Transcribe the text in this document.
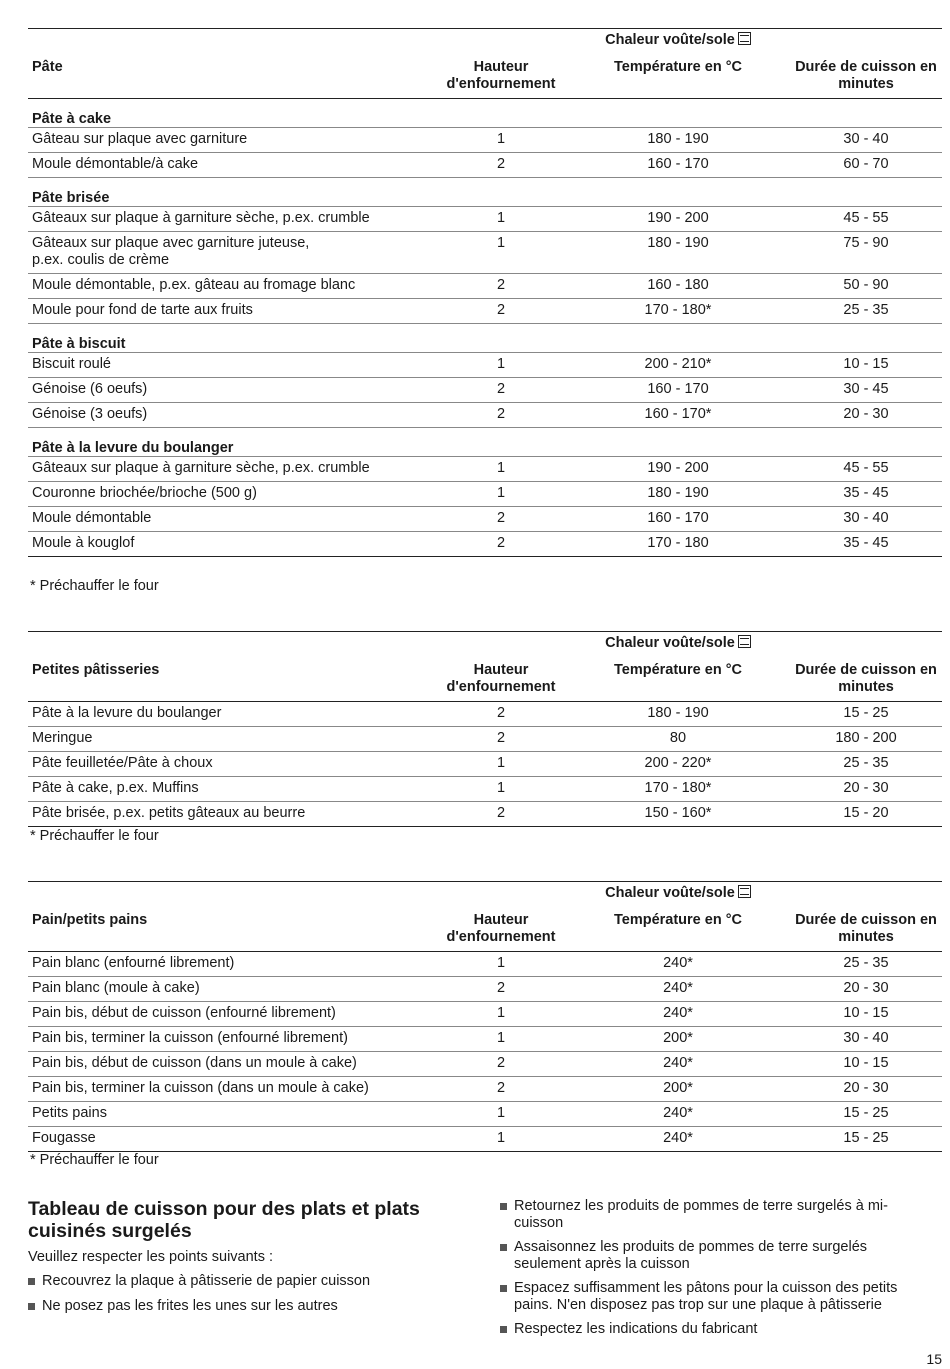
		Chaleur voûte/sole	
Pâte	Hauteur d'enfournement	Température en °C	Durée de cuisson en minutes
Pâte à cake			
Gâteau sur plaque avec garniture	1	180 - 190	30 - 40
Moule démontable/à cake	2	160 - 170	60 - 70
Pâte brisée			
Gâteaux sur plaque à garniture sèche, p.ex. crumble	1	190 - 200	45 - 55
Gâteaux sur plaque avec garniture juteuse,
p.ex. coulis de crème	1	180 - 190	75 - 90
Moule démontable, p.ex. gâteau au fromage blanc	2	160 - 180	50 - 90
Moule pour fond de tarte aux fruits	2	170 - 180*	25 - 35
Pâte à biscuit			
Biscuit roulé	1	200 - 210*	10 - 15
Génoise (6 oeufs)	2	160 - 170	30 - 45
Génoise (3 oeufs)	2	160 - 170*	20 - 30
Pâte à la levure du boulanger			
Gâteaux sur plaque à garniture sèche, p.ex. crumble	1	190 - 200	45 - 55
Couronne briochée/brioche (500 g)	1	180 - 190	35 - 45
Moule démontable	2	160 - 170	30 - 40
Moule à kouglof	2	170 - 180	35 - 45
* Préchauffer le four
		Chaleur voûte/sole	
Petites pâtisseries	Hauteur d'enfournement	Température en °C	Durée de cuisson en minutes
Pâte à la levure du boulanger	2	180 - 190	15 - 25
Meringue	2	80	180 - 200
Pâte feuilletée/Pâte à choux	1	200 - 220*	25 - 35
Pâte à cake, p.ex. Muffins	1	170 - 180*	20 - 30
Pâte brisée, p.ex. petits gâteaux au beurre	2	150 - 160*	15 - 20
* Préchauffer le four
		Chaleur voûte/sole	
Pain/petits pains	Hauteur d'enfournement	Température en °C	Durée de cuisson en minutes
Pain blanc (enfourné librement)	1	240*	25 - 35
Pain blanc (moule à cake)	2	240*	20 - 30
Pain bis, début de cuisson (enfourné librement)	1	240*	10 - 15
Pain bis, terminer la cuisson (enfourné librement)	1	200*	30 - 40
Pain bis, début de cuisson (dans un moule à cake)	2	240*	10 - 15
Pain bis, terminer la cuisson (dans un moule à cake)	2	200*	20 - 30
Petits pains	1	240*	15 - 25
Fougasse	1	240*	15 - 25
* Préchauffer le four
Tableau de cuisson pour des plats et plats cuisinés surgelés
Veuillez respecter les points suivants :
Recouvrez la plaque à pâtisserie de papier cuisson
Ne posez pas les frites les unes sur les autres
Retournez les produits de pommes de terre surgelés à mi-cuisson
Assaisonnez les produits de pommes de terre surgelés seulement après la cuisson
Espacez suffisamment les pâtons pour la cuisson des petits pains. N'en disposez pas trop sur une plaque à pâtisserie
Respectez les indications du fabricant
15
